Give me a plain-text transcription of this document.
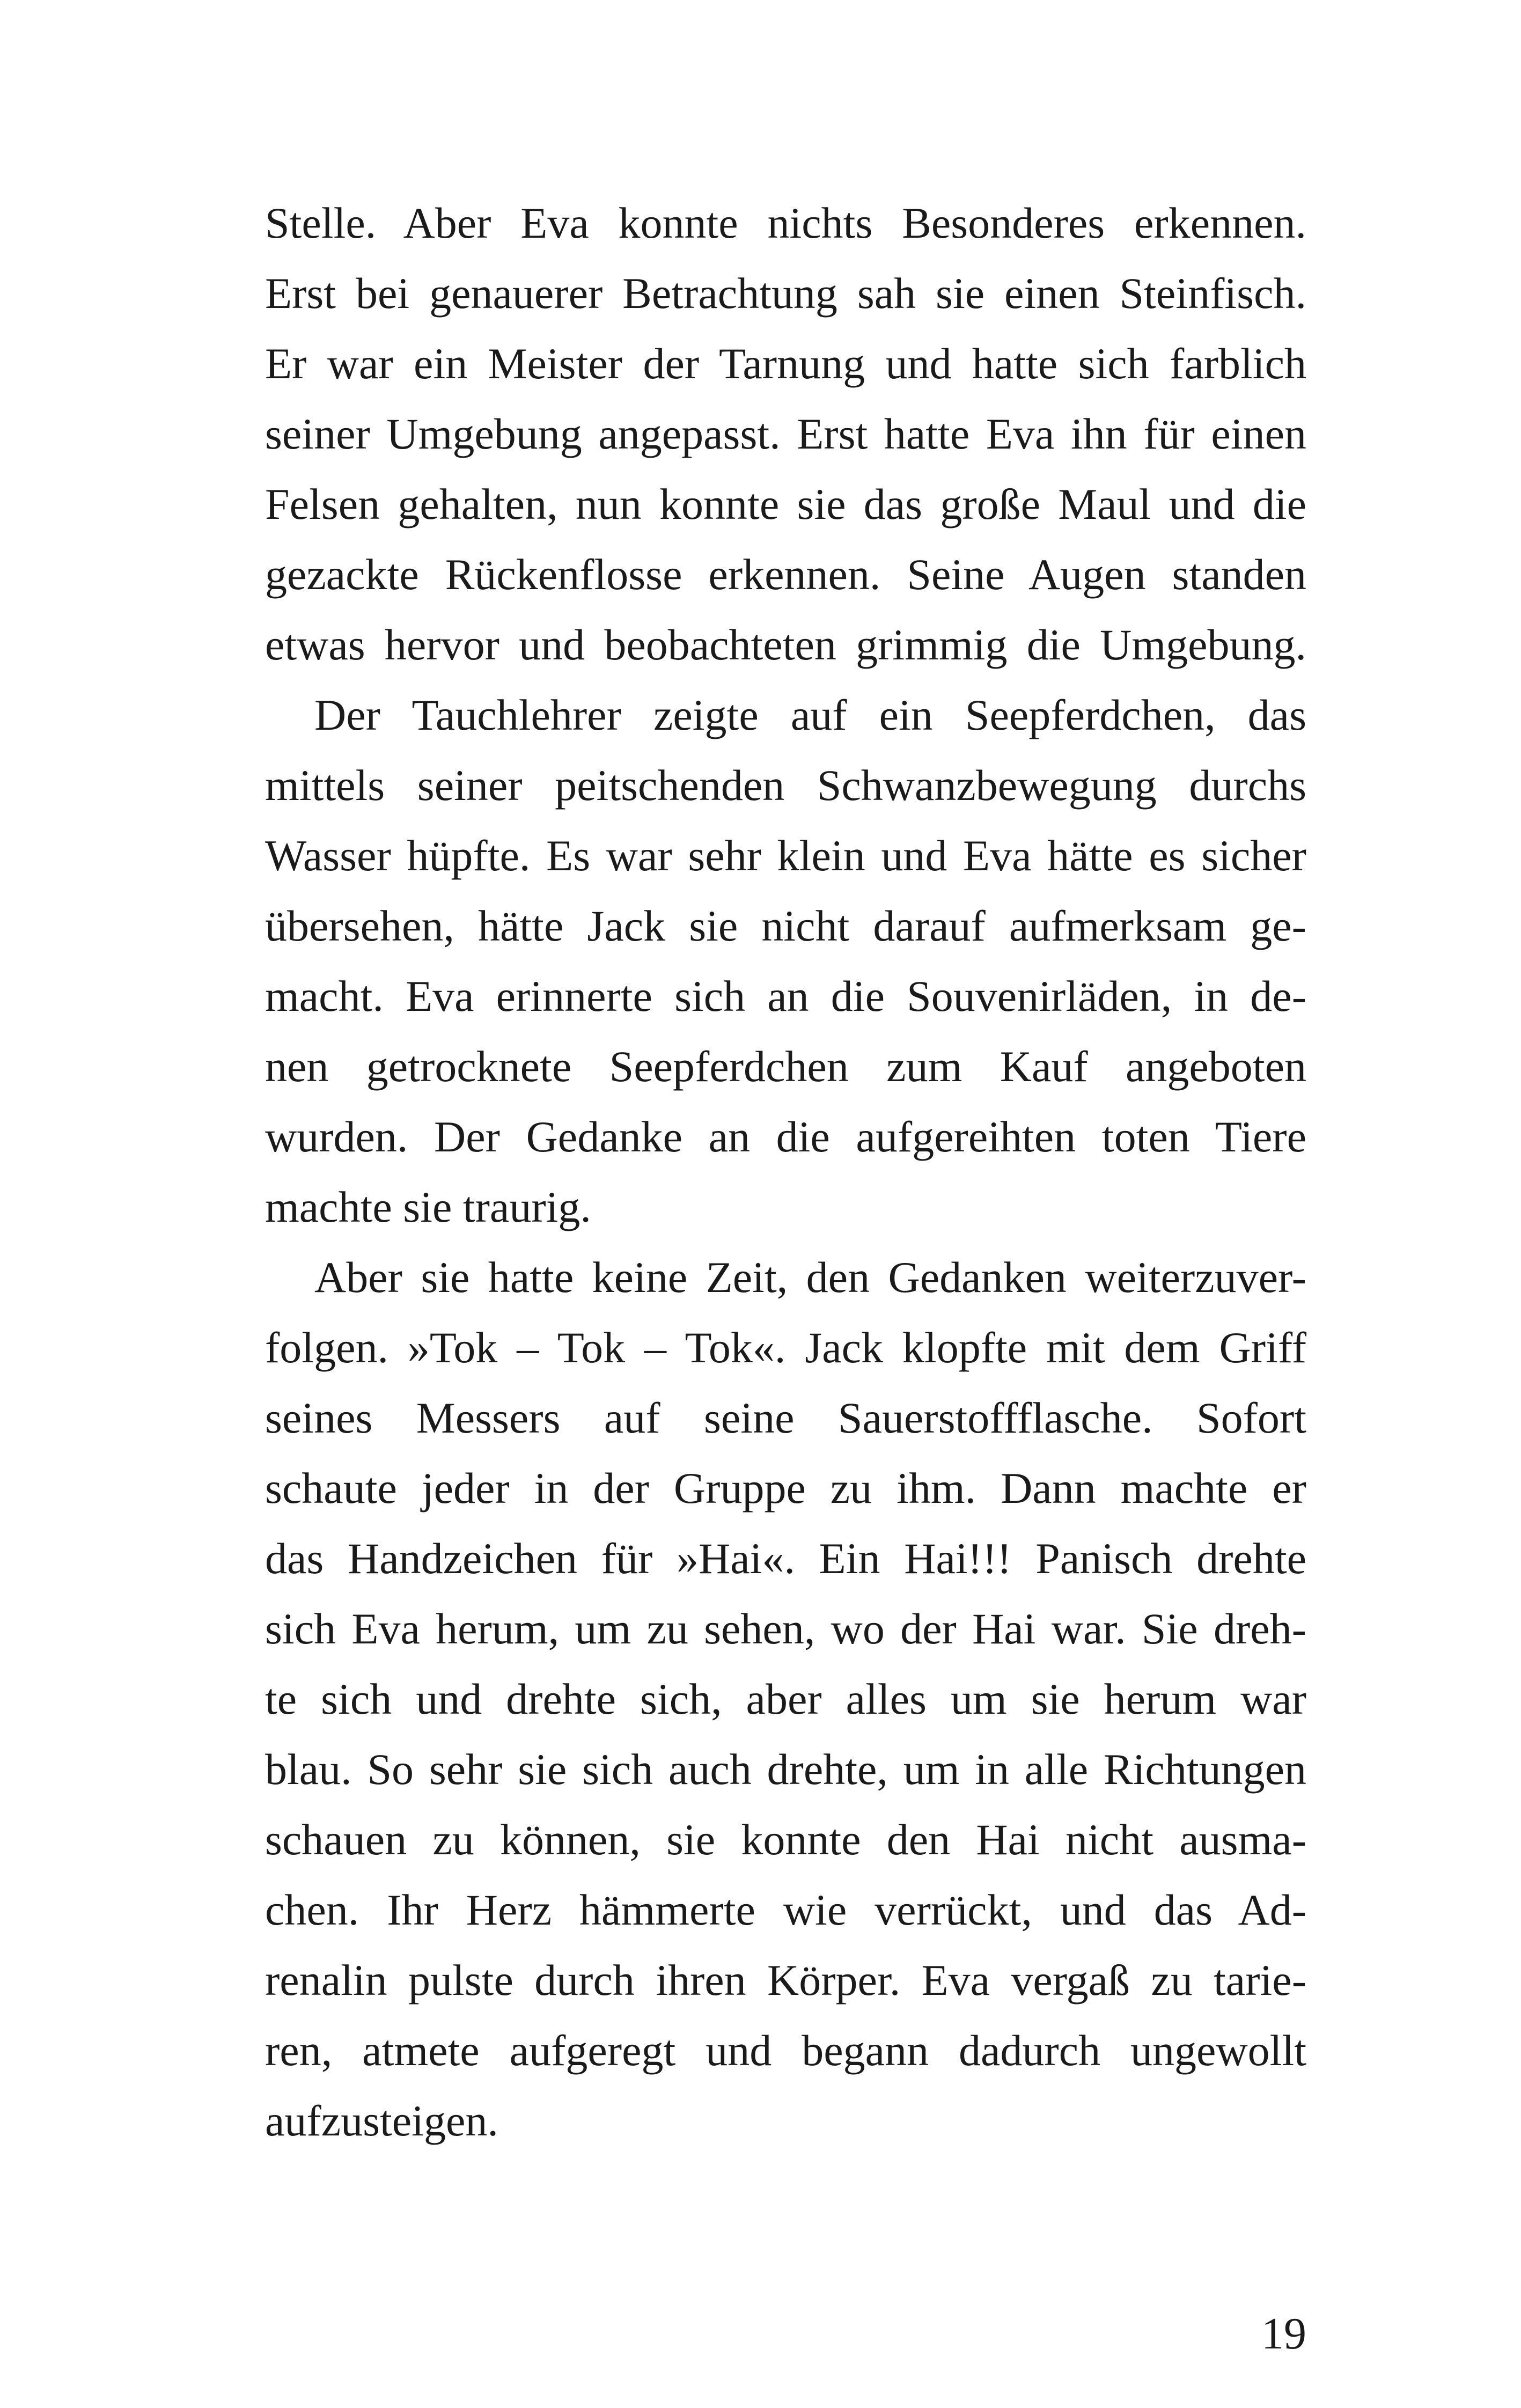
Stelle. Aber Eva konnte nichts Besonderes erkennen.
Erst bei genauerer Betrachtung sah sie einen Steinfisch.
Er war ein Meister der Tarnung und hatte sich farblich
seiner Umgebung angepasst. Erst hatte Eva ihn für einen
Felsen gehalten, nun konnte sie das große Maul und die
gezackte Rückenflosse erkennen. Seine Augen standen
etwas hervor und beobachteten grimmig die Umgebung.
Der Tauchlehrer zeigte auf ein Seepferdchen, das
mittels seiner peitschenden Schwanzbewegung durchs
Wasser hüpfte. Es war sehr klein und Eva hätte es sicher
übersehen, hätte Jack sie nicht darauf aufmerksam ge-
macht. Eva erinnerte sich an die Souvenirläden, in de-
nen getrocknete Seepferdchen zum Kauf angeboten
wurden. Der Gedanke an die aufgereihten toten Tiere
machte sie traurig.
Aber sie hatte keine Zeit, den Gedanken weiterzuver-
folgen. »Tok – Tok – Tok«. Jack klopfte mit dem Griff
seines Messers auf seine Sauerstoffflasche. Sofort
schaute jeder in der Gruppe zu ihm. Dann machte er
das Handzeichen für »Hai«. Ein Hai!!! Panisch drehte
sich Eva herum, um zu sehen, wo der Hai war. Sie dreh-
te sich und drehte sich, aber alles um sie herum war
blau. So sehr sie sich auch drehte, um in alle Richtungen
schauen zu können, sie konnte den Hai nicht ausma-
chen. Ihr Herz hämmerte wie verrückt, und das Ad-
renalin pulste durch ihren Körper. Eva vergaß zu tarie-
ren, atmete aufgeregt und begann dadurch ungewollt
aufzusteigen.
19
